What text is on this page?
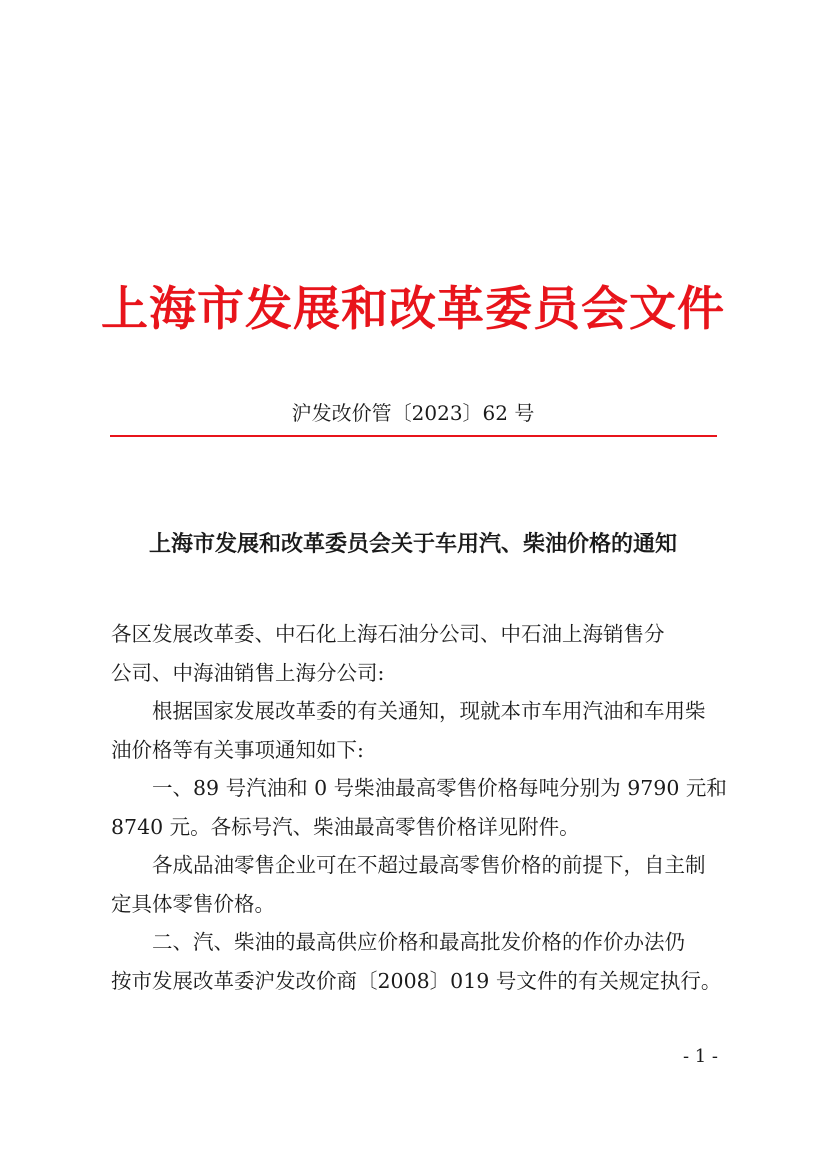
上海市发展和改革委员会文件
沪发改价管〔2023〕62 号
上海市发展和改革委员会关于车用汽、柴油价格的通知
各区发展改革委、中石化上海石油分公司、中石油上海销售分
公司、中海油销售上海分公司:
根据国家发展改革委的有关通知，现就本市车用汽油和车用柴
油价格等有关事项通知如下:
一、89 号汽油和 0 号柴油最高零售价格每吨分别为 9790 元和
8740 元。各标号汽、柴油最高零售价格详见附件。
各成品油零售企业可在不超过最高零售价格的前提下，自主制
定具体零售价格。
二、汽、柴油的最高供应价格和最高批发价格的作价办法仍
按市发展改革委沪发改价商〔2008〕019 号文件的有关规定执行。
- 1 -
